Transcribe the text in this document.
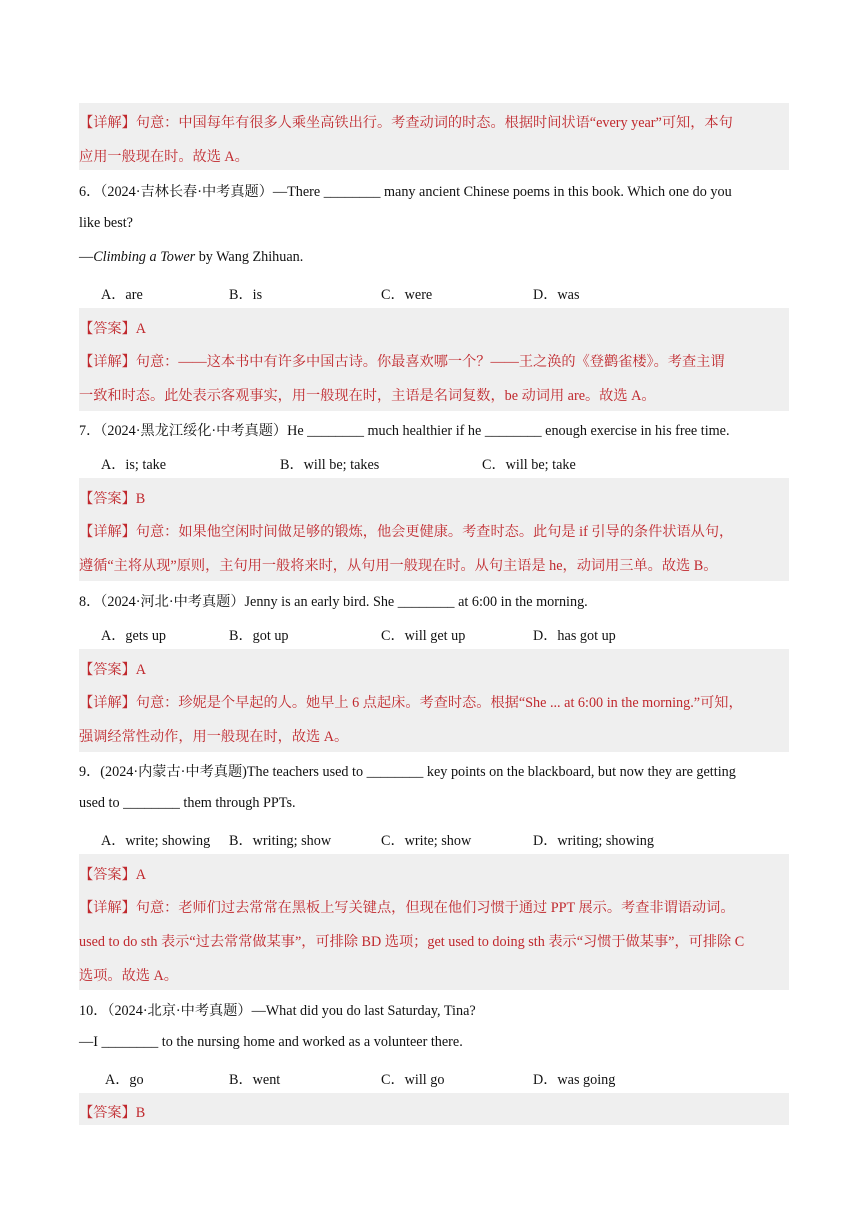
【详解】句意：中国每年有很多人乘坐高铁出行。考查动词的时态。根据时间状语“every year”可知，本句
应用一般现在时。故选 A。
6．（2024·吉林长春·中考真题）—There ________ many ancient Chinese poems in this book. Which one do you
like best?
—Climbing a Tower by Wang Zhihuan.
A．are	B．is	C．were	D．was
【答案】A
【详解】句意：——这本书中有许多中国古诗。你最喜欢哪一个？——王之涣的《登鹳雀楼》。考查主谓
一致和时态。此处表示客观事实，用一般现在时，主语是名词复数，be 动词用 are。故选 A。
7．（2024·黑龙江绥化·中考真题）He ________ much healthier if he ________ enough exercise in his free time.
A．is; take	B．will be; takes	C．will be; take
【答案】B
【详解】句意：如果他空闲时间做足够的锻炼，他会更健康。考查时态。此句是 if 引导的条件状语从句，
遵循“主将从现”原则，主句用一般将来时，从句用一般现在时。从句主语是 he，动词用三单。故选 B。
8．（2024·河北·中考真题）Jenny is an early bird. She ________ at 6:00 in the morning.
A．gets up	B．got up	C．will get up	D．has got up
【答案】A
【详解】句意：珍妮是个早起的人。她早上 6 点起床。考查时态。根据“She ... at 6:00 in the morning.”可知，
强调经常性动作，用一般现在时，故选 A。
9．(2024·内蒙古·中考真题)The teachers used to ________ key points on the blackboard, but now they are getting
used to ________ them through PPTs.
A．write; showing B．writing; show	C．write; show	D．writing; showing
【答案】A
【详解】句意：老师们过去常常在黑板上写关键点，但现在他们习惯于通过 PPT 展示。考查非谓语动词。
used to do sth 表示“过去常常做某事”，可排除 BD 选项；get used to doing sth 表示“习惯于做某事”，可排除 C
选项。故选 A。
10．（2024·北京·中考真题）—What did you do last Saturday, Tina?
—I ________ to the nursing home and worked as a volunteer there.
A．go	B．went	C．will go	D．was going
【答案】B
